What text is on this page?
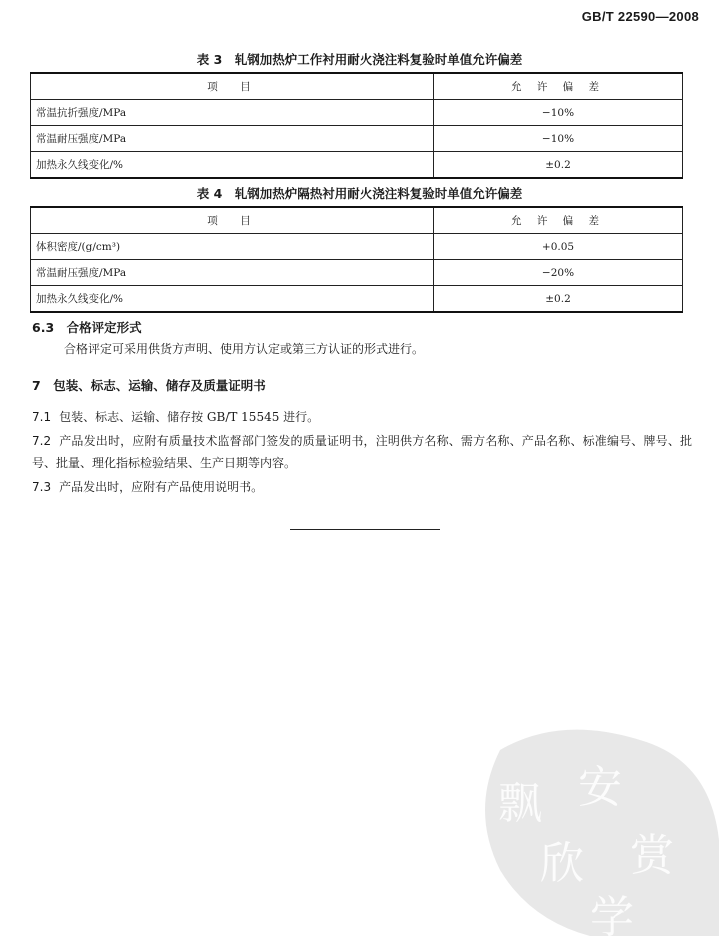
GB/T 22590—2008
表 3　轧钢加热炉工作衬用耐火浇注料复验时单值允许偏差
项　目	允 许 偏 差
常温抗折强度/MPa	−10%
常温耐压强度/MPa	−10%
加热永久线变化/%	±0.2
表 4　轧钢加热炉隔热衬用耐火浇注料复验时单值允许偏差
项　目	允 许 偏 差
体积密度/(g/cm³)	+0.05
常温耐压强度/MPa	−20%
加热永久线变化/%	±0.2
6.3　合格评定形式
合格评定可采用供货方声明、使用方认定或第三方认证的形式进行。
7　包装、标志、运输、储存及质量证明书
7.1 包装、标志、运输、储存按 GB/T 15545 进行。
7.2 产品发出时，应附有质量技术监督部门签发的质量证明书，注明供方名称、需方名称、产品名称、标准编号、牌号、批号、批量、理化指标检验结果、生产日期等内容。
7.3 产品发出时，应附有产品使用说明书。
飘 安
欣 赏
学
